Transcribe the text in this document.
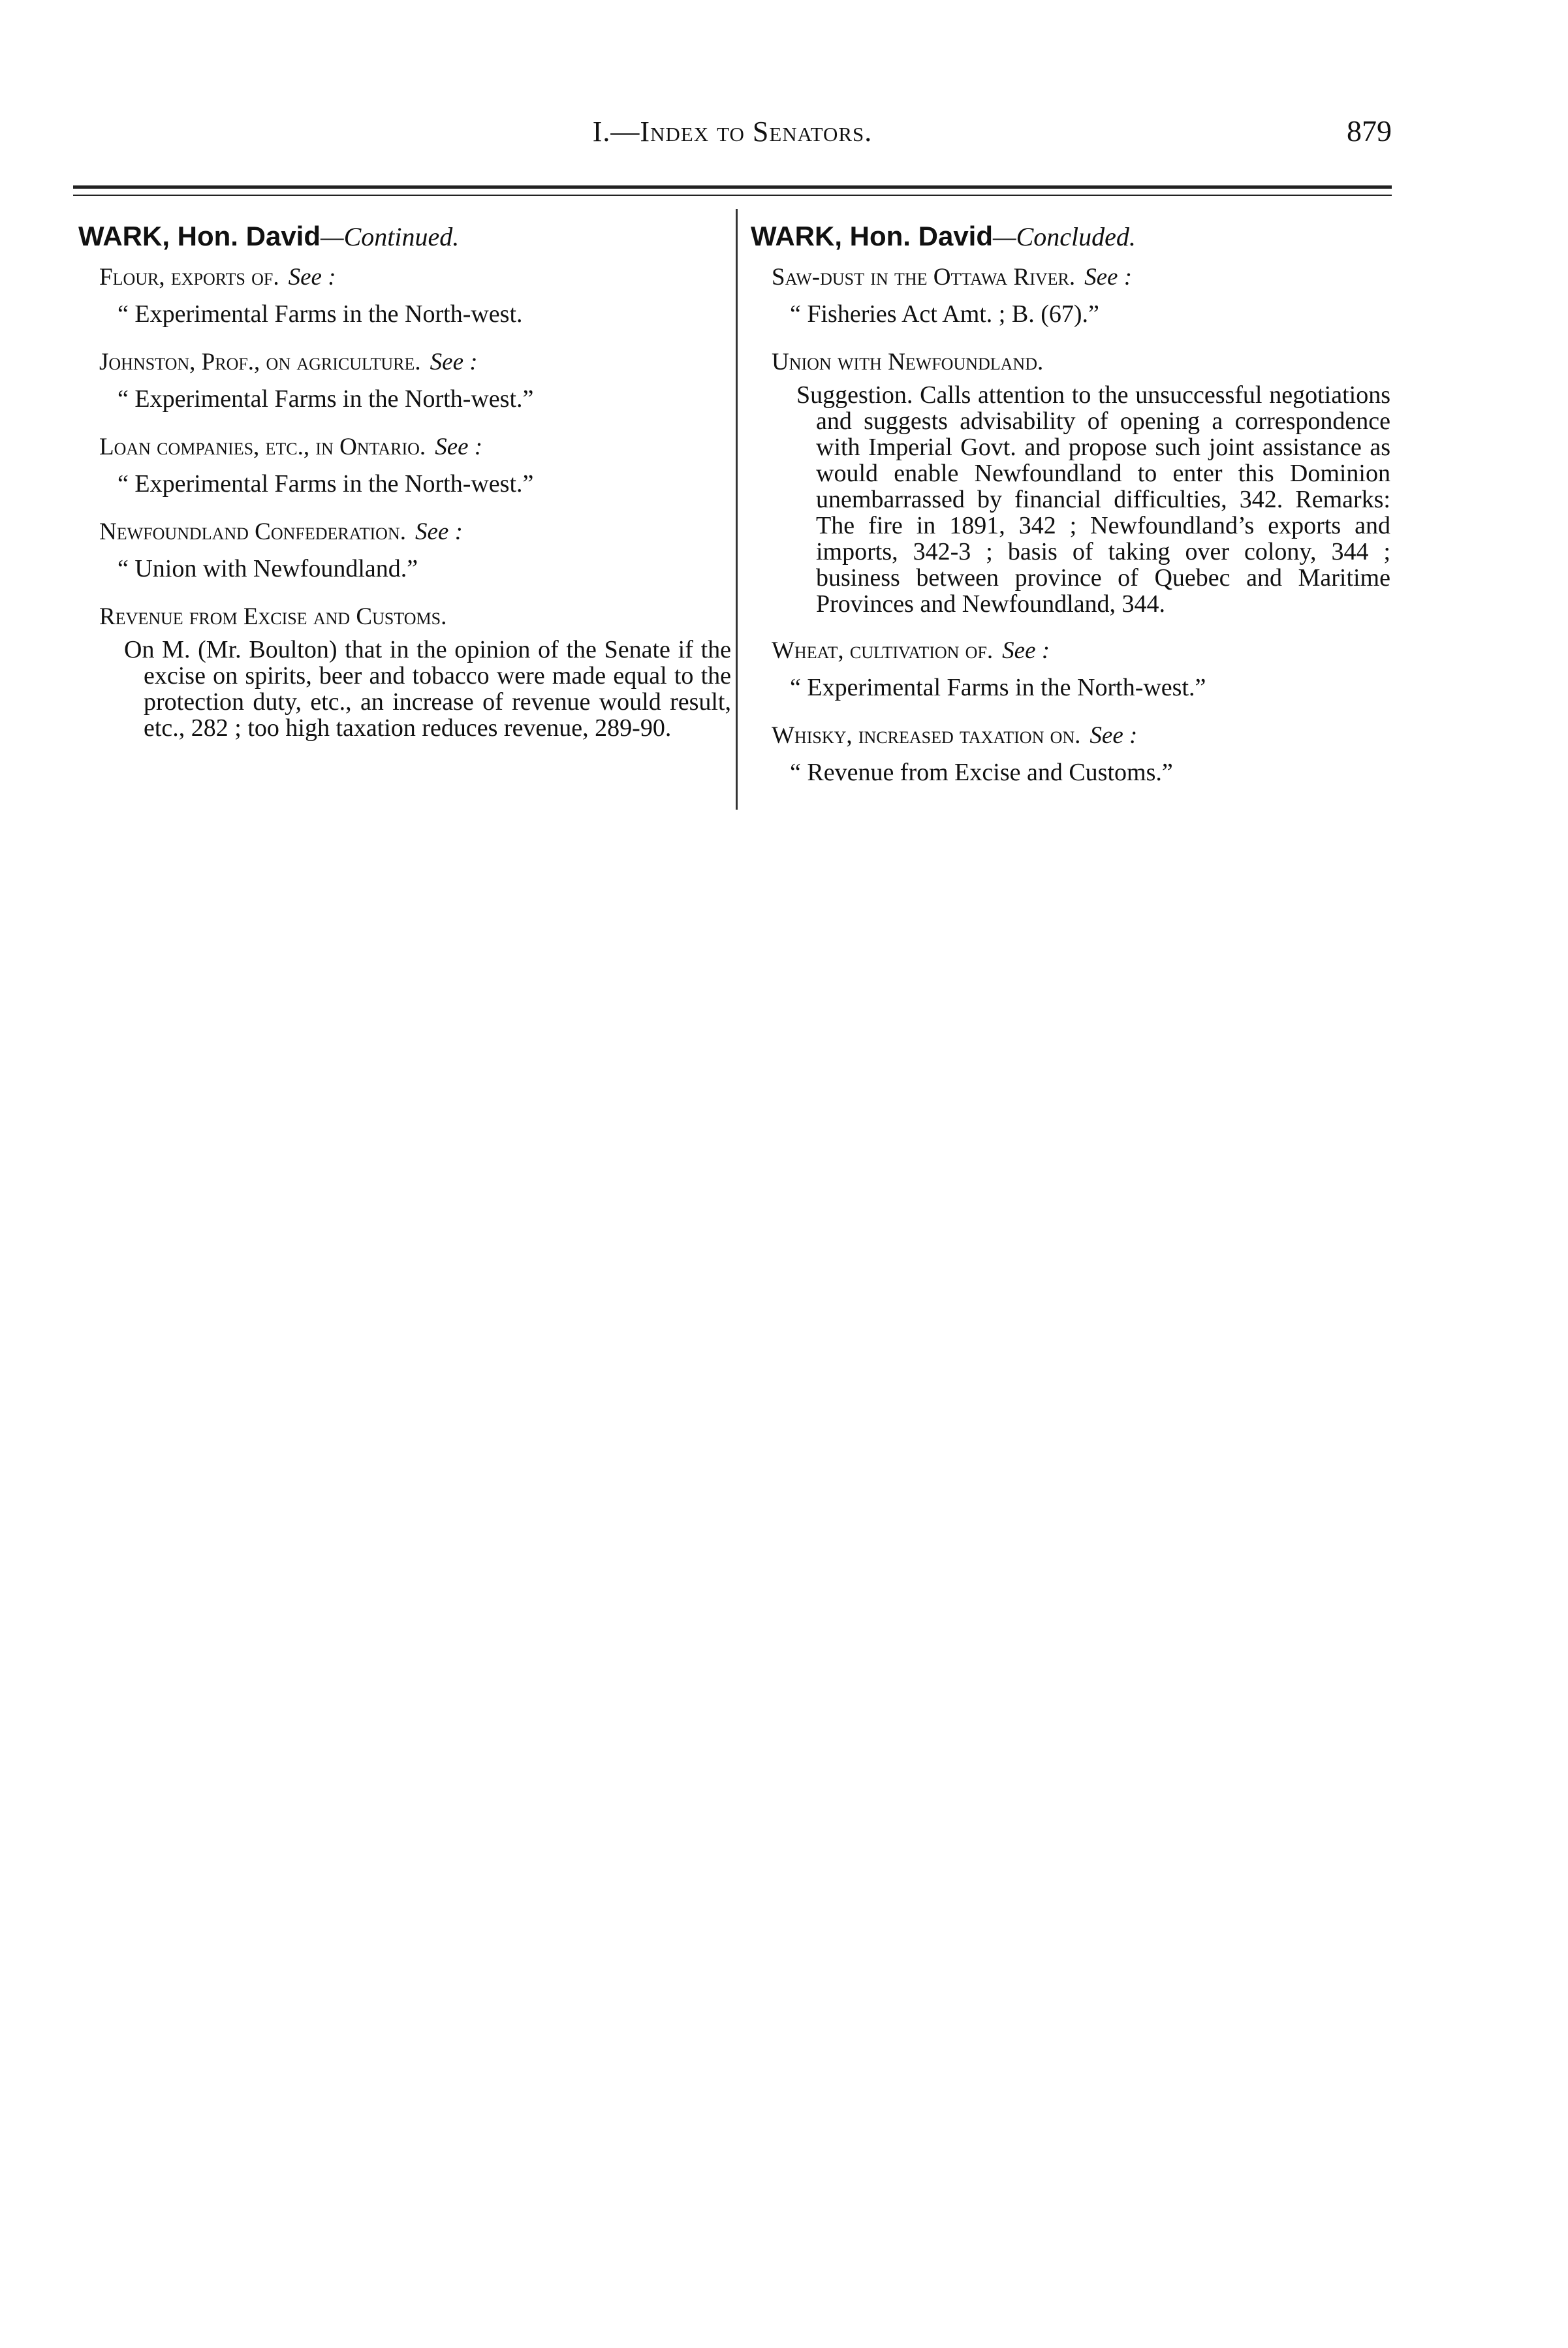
I.—Index to Senators.	879
WARK, Hon. David—Continued.
Flour, exports of. See :
“ Experimental Farms in the North-west.
Johnston, Prof., on agriculture. See :
“ Experimental Farms in the North-west.”
Loan companies, etc., in Ontario. See :
“ Experimental Farms in the North-west.”
Newfoundland Confederation. See :
“ Union with Newfoundland.”
Revenue from Excise and Customs.
On M. (Mr. Boulton) that in the opinion of the Senate if the excise on spirits, beer and tobacco were made equal to the protection duty, etc., an increase of revenue would result, etc., 282 ; too high taxation reduces revenue, 289-90.
WARK, Hon. David—Concluded.
Saw-dust in the Ottawa River. See :
“ Fisheries Act Amt. ; B. (67).”
Union with Newfoundland.
Suggestion. Calls attention to the unsuccessful negotiations and suggests advisability of opening a correspondence with Imperial Govt. and propose such joint assistance as would enable Newfoundland to enter this Dominion unembarrassed by financial difficulties, 342. Remarks: The fire in 1891, 342 ; Newfoundland’s exports and imports, 342-3 ; basis of taking over colony, 344 ; business between province of Quebec and Maritime Provinces and Newfoundland, 344.
Wheat, cultivation of. See :
“ Experimental Farms in the North-west.”
Whisky, increased taxation on. See :
“ Revenue from Excise and Customs.”
